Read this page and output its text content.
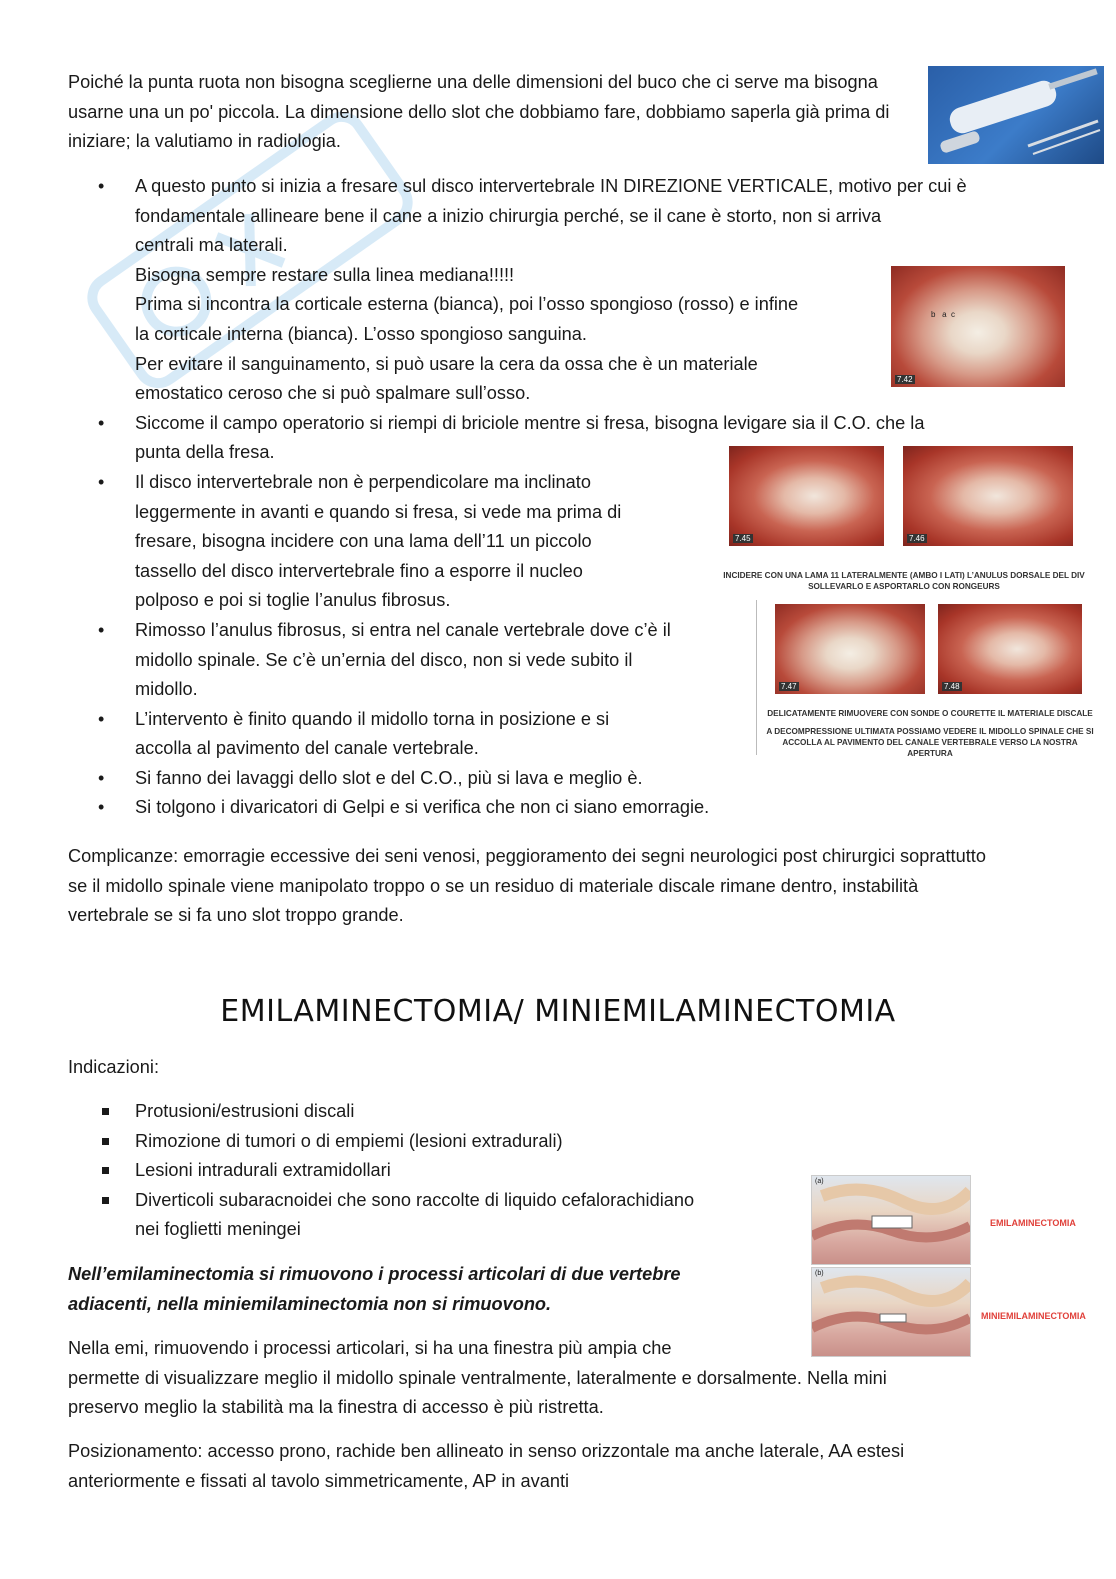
Poiché la punta ruota non bisogna sceglierne una delle dimensioni del buco che ci serve ma bisogna usarne una un po' piccola. La dimensione dello slot che dobbiamo fare, dobbiamo saperla già prima di iniziare; la valutiamo in radiologia.

• A questo punto si inizia a fresare sul disco intervertebrale IN DIREZIONE VERTICALE, motivo per cui è
fondamentale allineare bene il cane a inizio chirurgia perché, se il cane è storto, non si arriva
centrali ma laterali.
Bisogna sempre restare sulla linea mediana!!!!!
Prima si incontra la corticale esterna (bianca), poi l’osso spongioso (rosso) e infine
la corticale interna (bianca). L’osso spongioso sanguina.
Per evitare il sanguinamento, si può usare la cera da ossa che è un materiale
emostatico ceroso che si può spalmare sull’osso.
• Siccome il campo operatorio si riempi di briciole mentre si fresa, bisogna levigare sia il C.O. che la
punta della fresa.
• Il disco intervertebrale non è perpendicolare ma inclinato
leggermente in avanti e quando si fresa, si vede ma prima di
fresare, bisogna incidere con una lama dell’11 un piccolo
tassello del disco intervertebrale fino a esporre il nucleo
polposo e poi si toglie l’anulus fibrosus.
• Rimosso l’anulus fibrosus, si entra nel canale vertebrale dove c’è il
midollo spinale. Se c’è un’ernia del disco, non si vede subito il
midollo.
• L’intervento è finito quando il midollo torna in posizione e si
accolla al pavimento del canale vertebrale.
• Si fanno dei lavaggi dello slot e del C.O., più si lava e meglio è.
• Si tolgono i divaricatori di Gelpi e si verifica che non ci siano emorragie.
b   a  c
7.42
7.45	7.46
INCIDERE CON UNA LAMA 11 LATERALMENTE (AMBO I LATI) L’ANULUS DORSALE DEL DIV SOLLEVARLO E ASPORTARLO CON RONGEURS
7.47	7.48
DELICATAMENTE RIMUOVERE CON SONDE O COURETTE IL MATERIALE DISCALE
A DECOMPRESSIONE ULTIMATA POSSIAMO VEDERE IL MIDOLLO SPINALE CHE SI ACCOLLA AL PAVIMENTO DEL CANALE VERTEBRALE VERSO LA NOSTRA APERTURA

Complicanze: emorragie eccessive dei seni venosi, peggioramento dei segni neurologici post chirurgici soprattutto se il midollo spinale viene manipolato troppo o se un residuo di materiale discale rimane dentro, instabilità vertebrale se si fa uno slot troppo grande.

EMILAMINECTOMIA/ MINIEMILAMINECTOMIA

Indicazioni:

Protusioni/estrusioni discali
Rimozione di tumori o di empiemi (lesioni extradurali)
Lesioni intradurali extramidollari
Diverticoli subaracnoidei che sono raccolte di liquido cefalorachidiano
nei foglietti meningei
(a)
EMILAMINECTOMIA
(b)
MINIEMILAMINECTOMIA
Nell’emilaminectomia si rimuovono i processi articolari di due vertebre
adiacenti, nella miniemilaminectomia non si rimuovono.
Nella emi, rimuovendo i processi articolari, si ha una finestra più ampia che
permette di visualizzare meglio il midollo spinale ventralmente, lateralmente e dorsalmente. Nella mini
preservo meglio la stabilità ma la finestra di accesso è più ristretta.
Posizionamento: accesso prono, rachide ben allineato in senso orizzontale ma anche laterale, AA estesi
anteriormente e fissati al tavolo simmetricamente, AP in avanti
